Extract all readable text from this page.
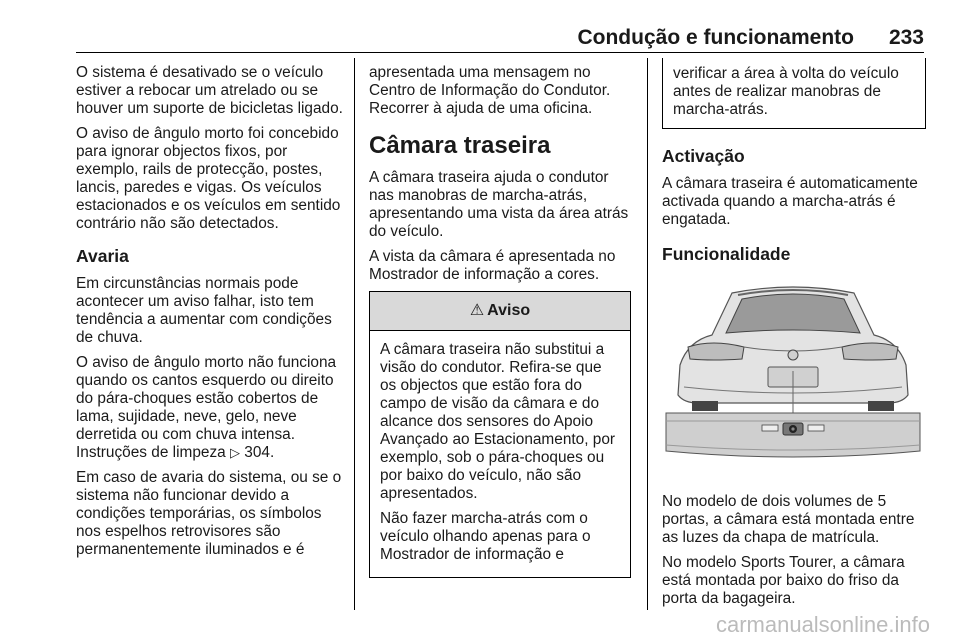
Condução e funcionamento 233

O sistema é desativado se o veículo estiver a rebocar um atrelado ou se houver um suporte de bicicletas ligado.

O aviso de ângulo morto foi concebido para ignorar objectos fixos, por exemplo, rails de protecção, postes, lancis, paredes e vigas. Os veículos estacionados e os veículos em sentido contrário não são detectados.

Avaria

Em circunstâncias normais pode acontecer um aviso falhar, isto tem tendência a aumentar com condições de chuva.

O aviso de ângulo morto não funciona quando os cantos esquerdo ou direito do pára-choques estão cobertos de lama, sujidade, neve, gelo, neve derretida ou com chuva intensa. Instruções de limpeza ▷ 304.

Em caso de avaria do sistema, ou se o sistema não funcionar devido a condições temporárias, os símbolos nos espelhos retrovisores são permanentemente iluminados e é

apresentada uma mensagem no Centro de Informação do Condutor. Recorrer à ajuda de uma oficina.

Câmara traseira

A câmara traseira ajuda o condutor nas manobras de marcha-atrás, apresentando uma vista da área atrás do veículo.

A vista da câmara é apresentada no Mostrador de informação a cores.

⚠ Aviso

A câmara traseira não substitui a visão do condutor. Refira-se que os objectos que estão fora do campo de visão da câmara e do alcance dos sensores do Apoio Avançado ao Estacionamento, por exemplo, sob o pára-choques ou por baixo do veículo, não são apresentados.

Não fazer marcha-atrás com o veículo olhando apenas para o Mostrador de informação e

verificar a área à volta do veículo antes de realizar manobras de marcha-atrás.
Activação

A câmara traseira é automaticamente activada quando a marcha-atrás é engatada.

Funcionalidade

No modelo de dois volumes de 5 portas, a câmara está montada entre as luzes da chapa de matrícula.

No modelo Sports Tourer, a câmara está montada por baixo do friso da porta da bagageira.

carmanualsonline.info
